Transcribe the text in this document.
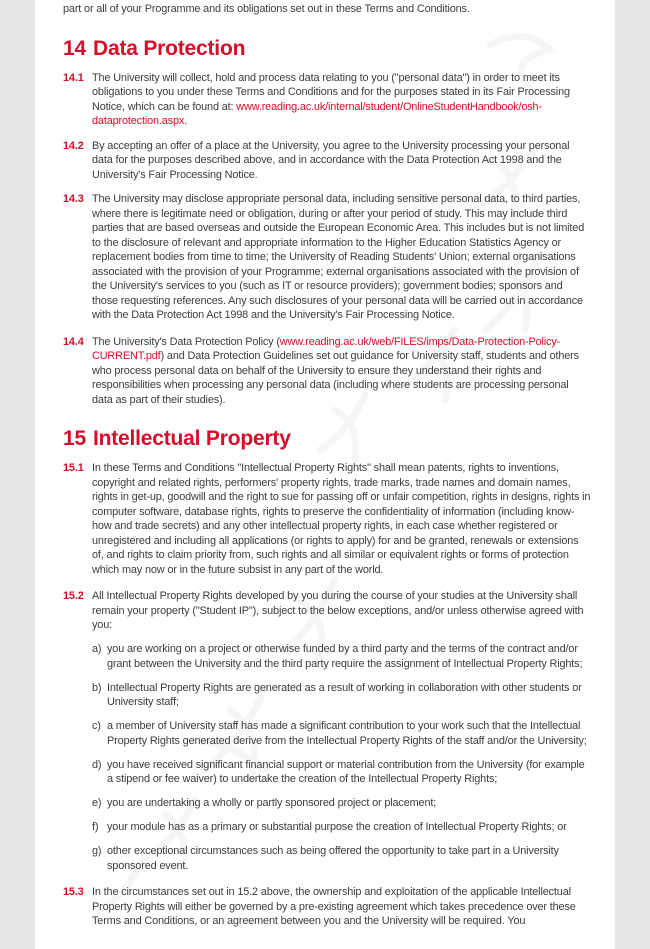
part or all of your Programme and its obligations set out in these Terms and Conditions.

14 Data Protection
14.1 The University will collect, hold and process data relating to you ("personal data") in order to meet its obligations to you under these Terms and Conditions and for the purposes stated in its Fair Processing Notice, which can be found at: www.reading.ac.uk/internal/student/OnlineStudentHandbook/osh-dataprotection.aspx.
14.2 By accepting an offer of a place at the University, you agree to the University processing your personal data for the purposes described above, and in accordance with the Data Protection Act 1998 and the University's Fair Processing Notice.
14.3 The University may disclose appropriate personal data, including sensitive personal data, to third parties, where there is legitimate need or obligation, during or after your period of study. This may include third parties that are based overseas and outside the European Economic Area. This includes but is not limited to the disclosure of relevant and appropriate information to the Higher Education Statistics Agency or replacement bodies from time to time; the University of Reading Students' Union; external organisations associated with the provision of your Programme; external organisations associated with the provision of the University's services to you (such as IT or resource providers); government bodies; sponsors and those requesting references. Any such disclosures of your personal data will be carried out in accordance with the Data Protection Act 1998 and the University's Fair Processing Notice.
14.4 The University's Data Protection Policy (www.reading.ac.uk/web/FILES/imps/Data-Protection-Policy-
CURRENT.pdf) and Data Protection Guidelines set out guidance for University staff, students and others who process personal data on behalf of the University to ensure they understand their rights and responsibilities when processing any personal data (including where students are processing personal data as part of their studies).
15 Intellectual Property
15.1 In these Terms and Conditions "Intellectual Property Rights" shall mean patents, rights to inventions, copyright and related rights, performers' property rights, trade marks, trade names and domain names, rights in get-up, goodwill and the right to sue for passing off or unfair competition, rights in designs, rights in computer software, database rights, rights to preserve the confidentiality of information (including know-how and trade secrets) and any other intellectual property rights, in each case whether registered or unregistered and including all applications (or rights to apply) for and be granted, renewals or extensions of, and rights to claim priority from, such rights and all similar or equivalent rights or forms of protection which may now or in the future subsist in any part of the world.
15.2 All Intellectual Property Rights developed by you during the course of your studies at the University shall remain your property ("Student IP"), subject to the below exceptions, and/or unless otherwise agreed with you:
a) you are working on a project or otherwise funded by a third party and the terms of the contract and/or grant between the University and the third party require the assignment of Intellectual Property Rights;
b) Intellectual Property Rights are generated as a result of working in collaboration with other students or University staff;
c) a member of University staff has made a significant contribution to your work such that the Intellectual Property Rights generated derive from the Intellectual Property Rights of the staff and/or the University;
d) you have received significant financial support or material contribution from the University (for example a stipend or fee waiver) to undertake the creation of the Intellectual Property Rights;
e) you are undertaking a wholly or partly sponsored project or placement;
f) your module has as a primary or substantial purpose the creation of Intellectual Property Rights; or
g) other exceptional circumstances such as being offered the opportunity to take part in a University sponsored event.
15.3 In the circumstances set out in 15.2 above, the ownership and exploitation of the applicable Intellectual Property Rights will either be governed by a pre-existing agreement which takes precedence over these Terms and Conditions, or an agreement between you and the University will be required. You
